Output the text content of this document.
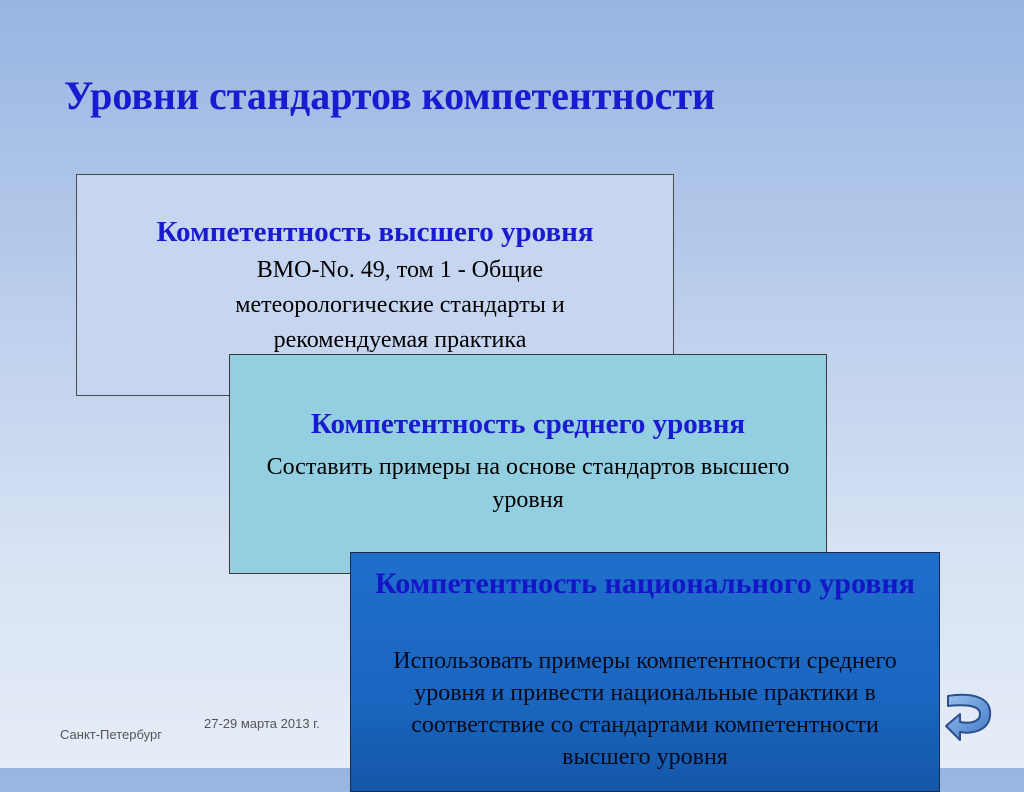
Уровни стандартов компетентности
Компетентность высшего уровня
ВМО-No. 49, том 1 - Общие метеорологические стандарты и рекомендуемая практика
Компетентность среднего уровня
Составить примеры на основе стандартов высшего уровня
Компетентность национального уровня
Использовать примеры компетентности среднего уровня и привести национальные практики в соответствие со стандартами компетентности высшего уровня
Санкт-Петербург
27-29 марта 2013 г.
